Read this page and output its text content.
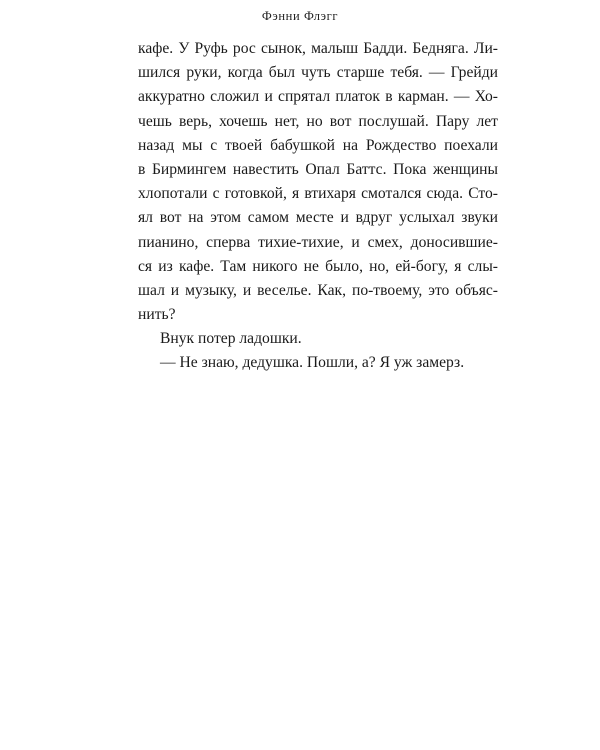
Фэнни Флэгг
кафе. У Руфь рос сынок, малыш Бадди. Бедняга. Ли-
шился руки, когда был чуть старше тебя. — Грейди
аккуратно сложил и спрятал платок в карман. — Хо-
чешь верь, хочешь нет, но вот послушай. Пару лет
назад мы с твоей бабушкой на Рождество поехали
в Бирмингем навестить Опал Баттс. Пока женщины
хлопотали с готовкой, я втихаря смотался сюда. Сто-
ял вот на этом самом месте и вдруг услыхал звуки
пианино, сперва тихие-тихие, и смех, доносившие-
ся из кафе. Там никого не было, но, ей-богу, я слы-
шал и музыку, и веселье. Как, по-твоему, это объяс-
нить?
Внук потер ладошки.
— Не знаю, дедушка. Пошли, а? Я уж замерз.
